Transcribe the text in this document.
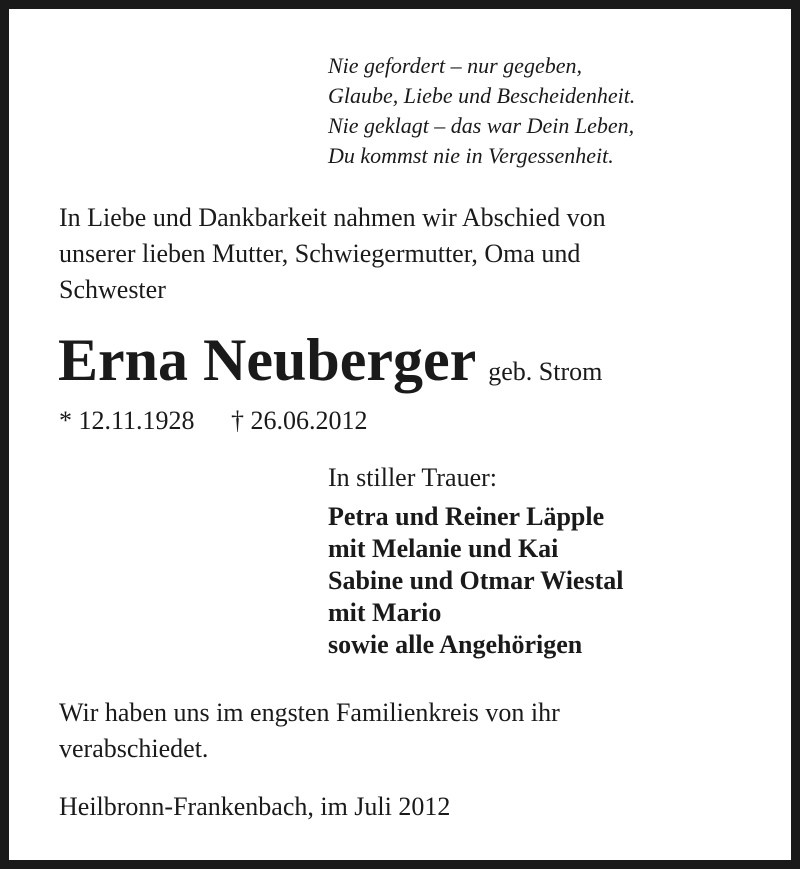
Nie gefordert – nur gegeben,
Glaube, Liebe und Bescheidenheit.
Nie geklagt – das war Dein Leben,
Du kommst nie in Vergessenheit.
In Liebe und Dankbarkeit nahmen wir Abschied von
unserer lieben Mutter, Schwiegermutter, Oma und
Schwester
Erna Neuberger geb. Strom
* 12.11.1928 † 26.06.2012
In stiller Trauer:
Petra und Reiner Läpple
mit Melanie und Kai
Sabine und Otmar Wiestal
mit Mario
sowie alle Angehörigen
Wir haben uns im engsten Familienkreis von ihr
verabschiedet.
Heilbronn-Frankenbach, im Juli 2012
